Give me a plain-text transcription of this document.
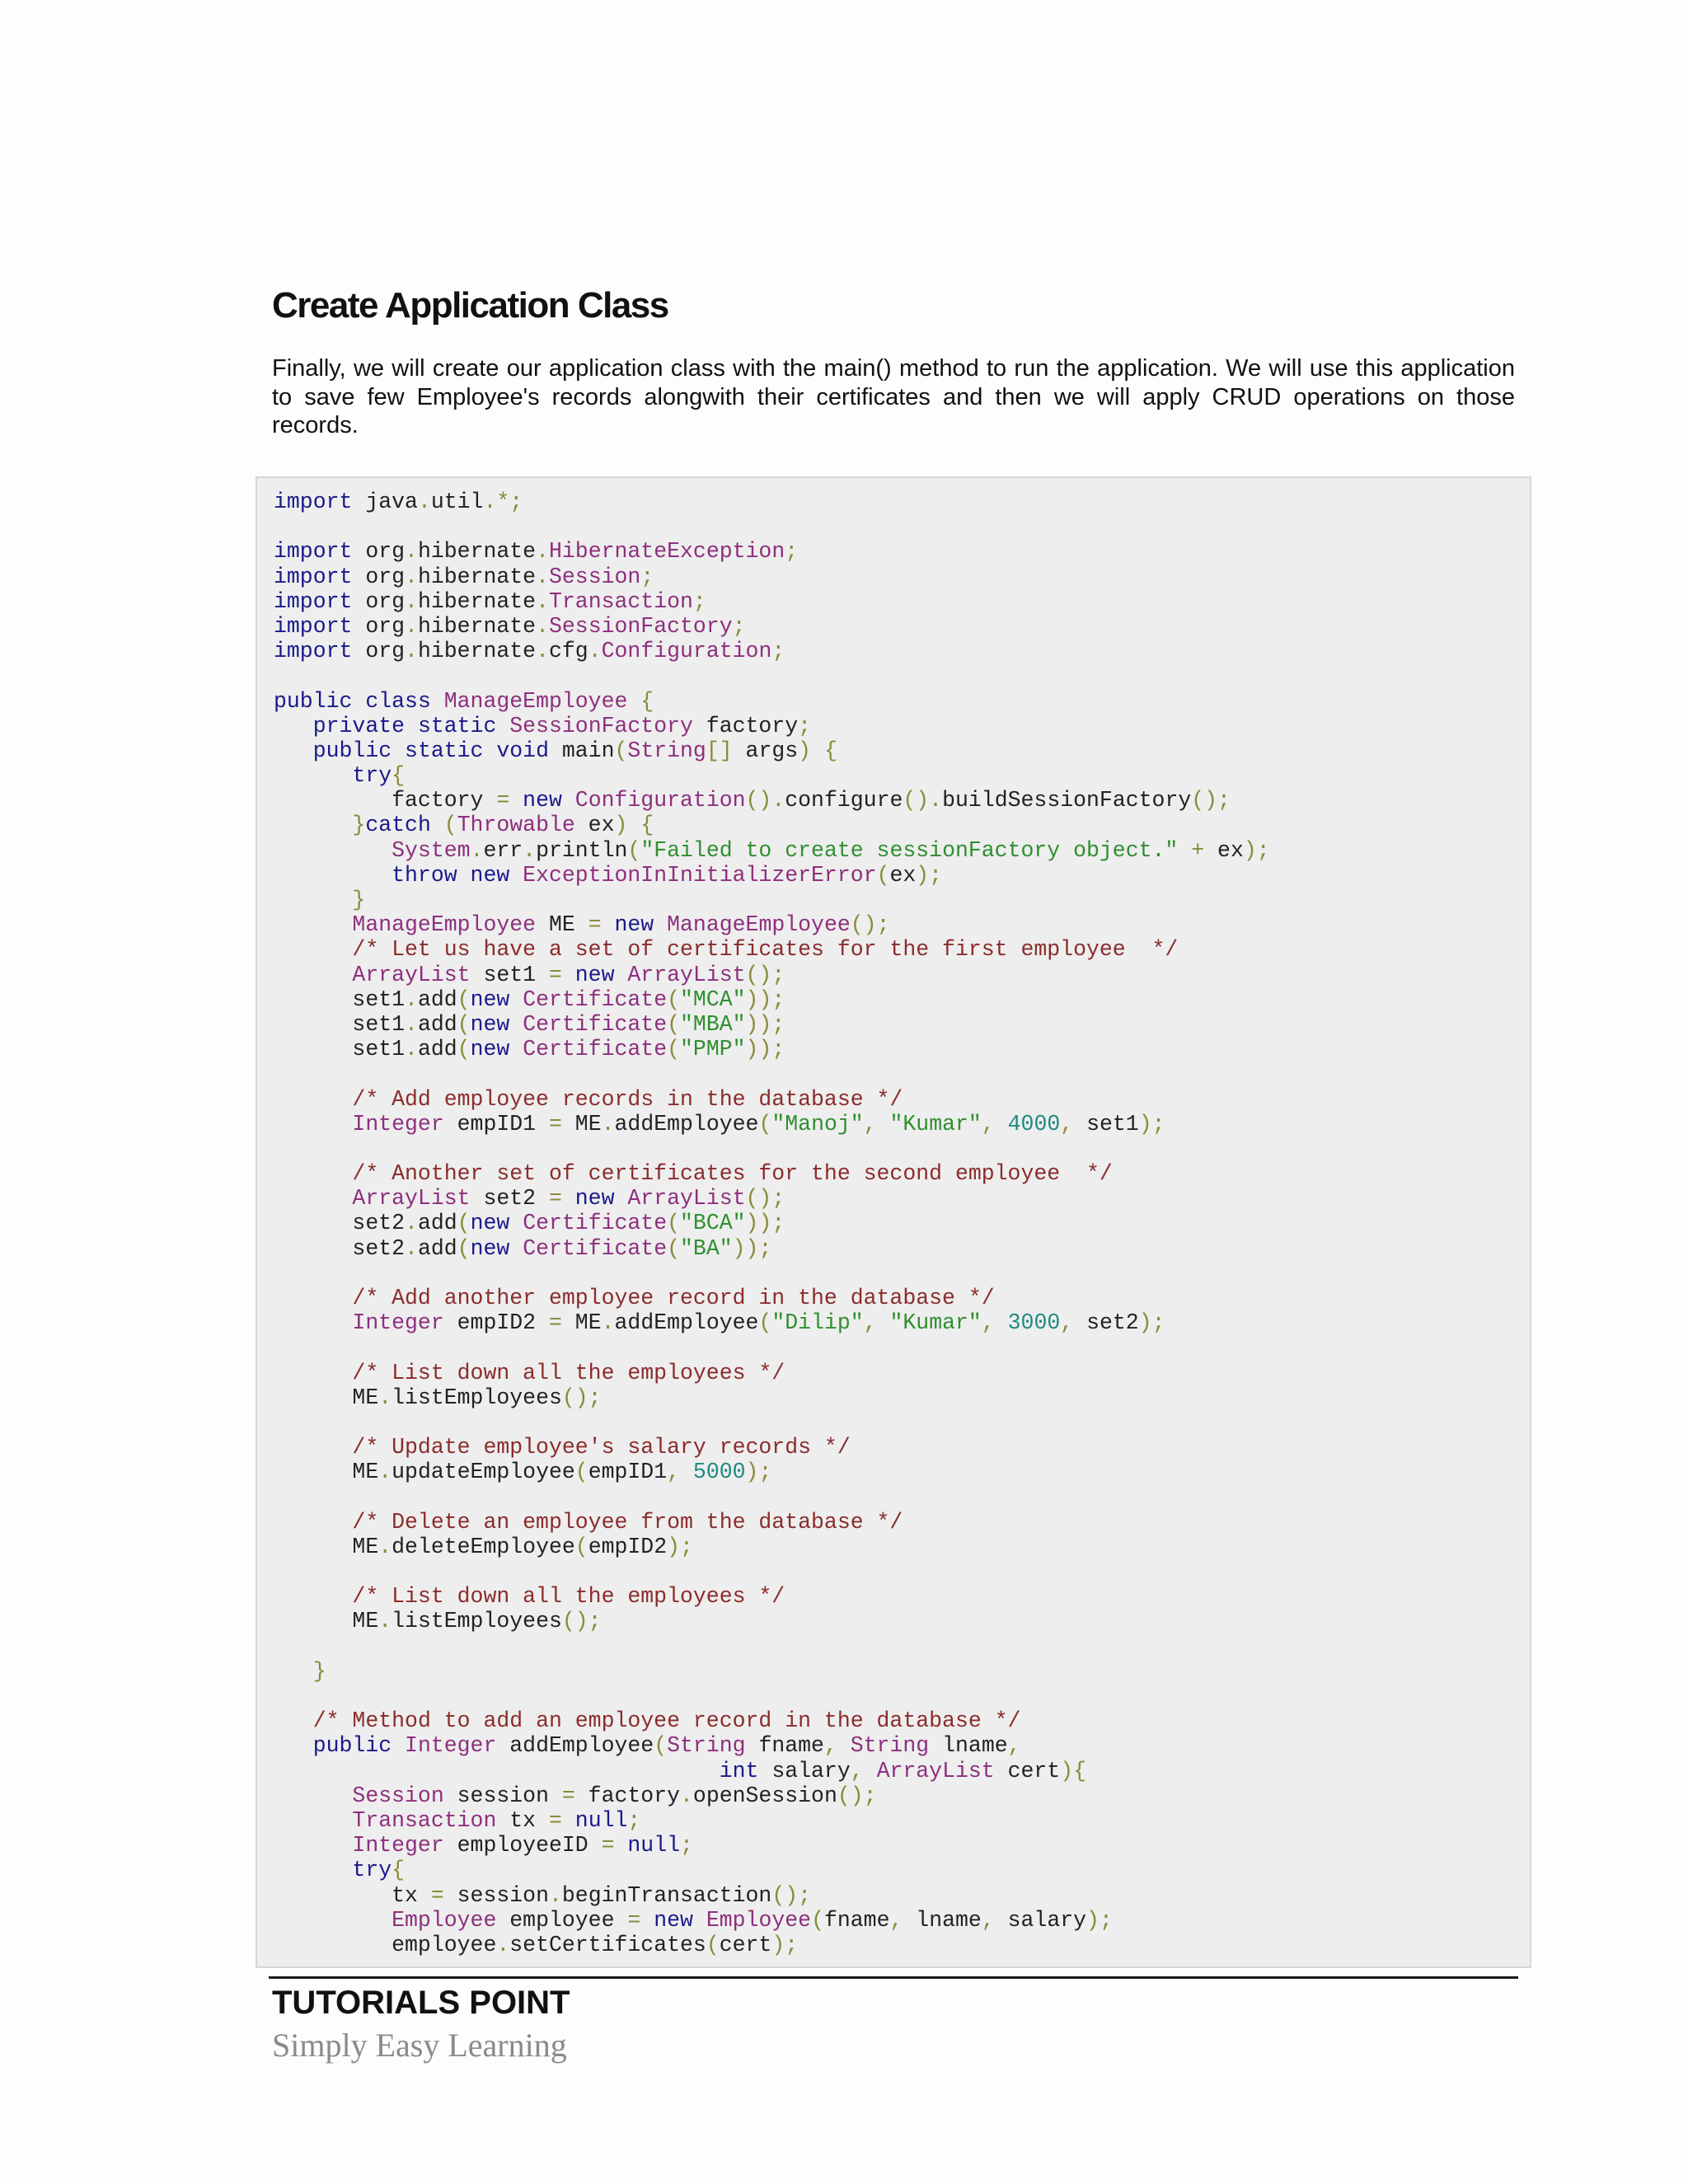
Create Application Class

Finally, we will create our application class with the main() method to run the application. We will use this application to save few Employee's records alongwith their certificates and then we will apply CRUD operations on those records.

import java.util.*;
import org.hibernate.HibernateException;
import org.hibernate.Session;
import org.hibernate.Transaction;
import org.hibernate.SessionFactory;
import org.hibernate.cfg.Configuration;
public class ManageEmployee {
private static SessionFactory factory;
public static void main(String[] args) {
try{
factory = new Configuration().configure().buildSessionFactory();
}catch (Throwable ex) {
System.err.println("Failed to create sessionFactory object." + ex);
throw new ExceptionInInitializerError(ex);
}
ManageEmployee ME = new ManageEmployee();
/* Let us have a set of certificates for the first employee  */
ArrayList set1 = new ArrayList();
set1.add(new Certificate("MCA"));
set1.add(new Certificate("MBA"));
set1.add(new Certificate("PMP"));
/* Add employee records in the database */
Integer empID1 = ME.addEmployee("Manoj", "Kumar", 4000, set1);
/* Another set of certificates for the second employee  */
ArrayList set2 = new ArrayList();
set2.add(new Certificate("BCA"));
set2.add(new Certificate("BA"));
/* Add another employee record in the database */
Integer empID2 = ME.addEmployee("Dilip", "Kumar", 3000, set2);
/* List down all the employees */
ME.listEmployees();
/* Update employee's salary records */
ME.updateEmployee(empID1, 5000);
/* Delete an employee from the database */
ME.deleteEmployee(empID2);
/* List down all the employees */
ME.listEmployees();
}
/* Method to add an employee record in the database */
public Integer addEmployee(String fname, String lname,
int salary, ArrayList cert){
Session session = factory.openSession();
Transaction tx = null;
Integer employeeID = null;
try{
tx = session.beginTransaction();
Employee employee = new Employee(fname, lname, salary);
employee.setCertificates(cert);
TUTORIALS POINT
Simply Easy Learning
